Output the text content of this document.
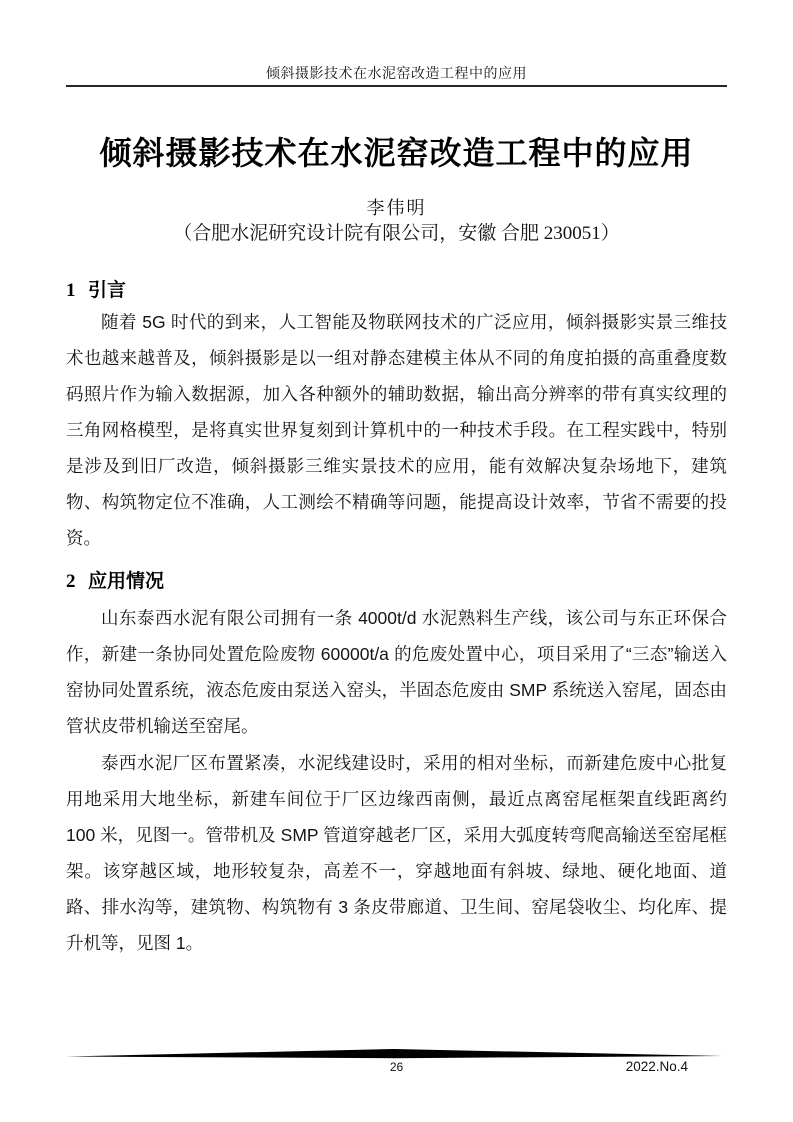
倾斜摄影技术在水泥窑改造工程中的应用
倾斜摄影技术在水泥窑改造工程中的应用
李伟明
（合肥水泥研究设计院有限公司，安徽 合肥 230051）
1 引言

随着 5G 时代的到来，人工智能及物联网技术的广泛应用，倾斜摄影实景三维技术也越来越普及，倾斜摄影是以一组对静态建模主体从不同的角度拍摄的高重叠度数码照片作为输入数据源，加入各种额外的辅助数据，输出高分辨率的带有真实纹理的三角网格模型，是将真实世界复刻到计算机中的一种技术手段。在工程实践中，特别是涉及到旧厂改造，倾斜摄影三维实景技术的应用，能有效解决复杂场地下，建筑物、构筑物定位不准确，人工测绘不精确等问题，能提高设计效率，节省不需要的投资。

2 应用情况

山东泰西水泥有限公司拥有一条 4000t/d 水泥熟料生产线，该公司与东正环保合作，新建一条协同处置危险废物 60000t/a 的危废处置中心，项目采用了“三态”输送入窑协同处置系统，液态危废由泵送入窑头，半固态危废由 SMP 系统送入窑尾，固态由管状皮带机输送至窑尾。

泰西水泥厂区布置紧凑，水泥线建设时，采用的相对坐标，而新建危废中心批复用地采用大地坐标，新建车间位于厂区边缘西南侧，最近点离窑尾框架直线距离约 100 米，见图一。管带机及 SMP 管道穿越老厂区，采用大弧度转弯爬高输送至窑尾框架。该穿越区域，地形较复杂，高差不一，穿越地面有斜坡、绿地、硬化地面、道路、排水沟等，建筑物、构筑物有 3 条皮带廊道、卫生间、窑尾袋收尘、均化库、提升机等，见图 1。

26	2022.No.4
